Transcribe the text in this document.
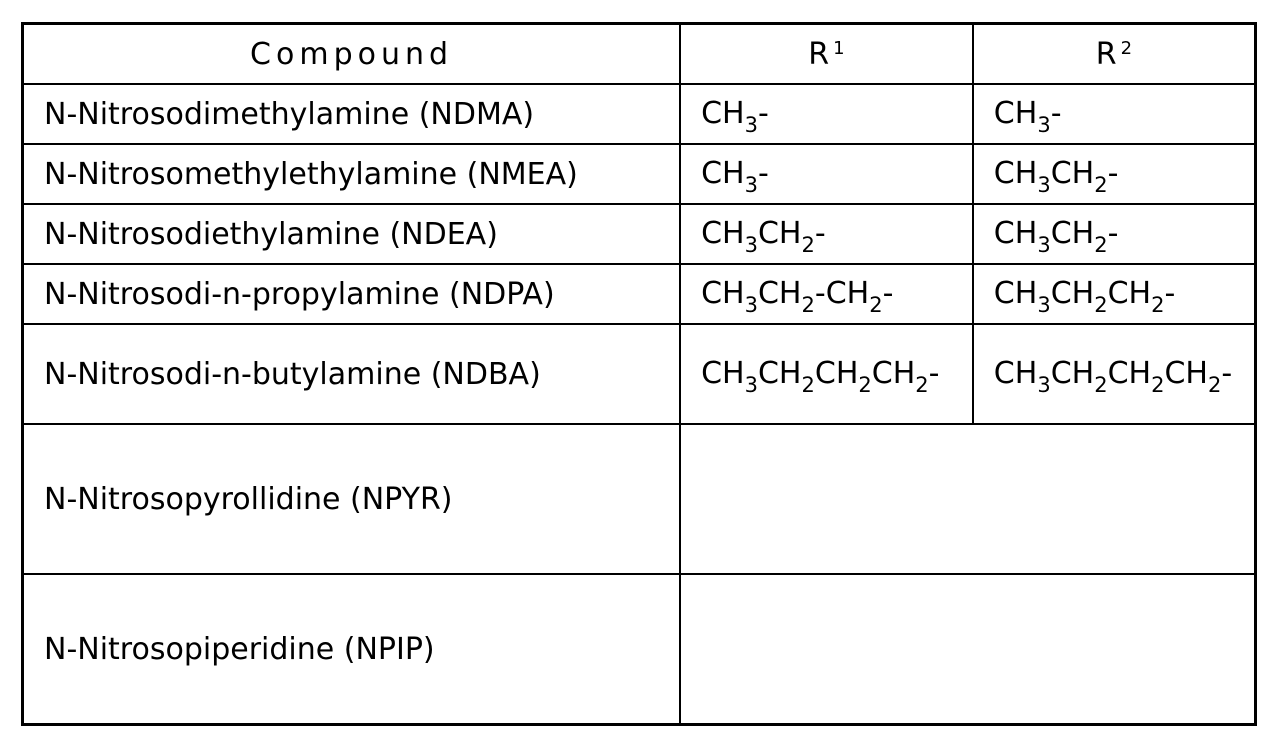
Compound	R $^1$	R $^2$
N-Nitrosodimethylamine (NDMA)	$CH_3-$	$CH_3-$
N-Nitrosomethylethylamine (NMEA)	$CH_3-$	$CH_3CH_2-$
N-Nitrosodiethylamine (NDEA)	$CH_3CH_2-$	$CH_3CH_2-$
N-Nitrosodi-n-propylamine (NDPA)	$CH_3CH_2-CH_2-$	$CH_3CH_2CH_2-$
N-Nitrosodi-n-butylamine (NDBA)	$CH_3CH_2CH_2CH_2-$	$CH_3CH_2CH_2CH_2-$
N-Nitrosopyrollidine (NPYR)		
N-Nitrosopiperidine (NPIP)		
